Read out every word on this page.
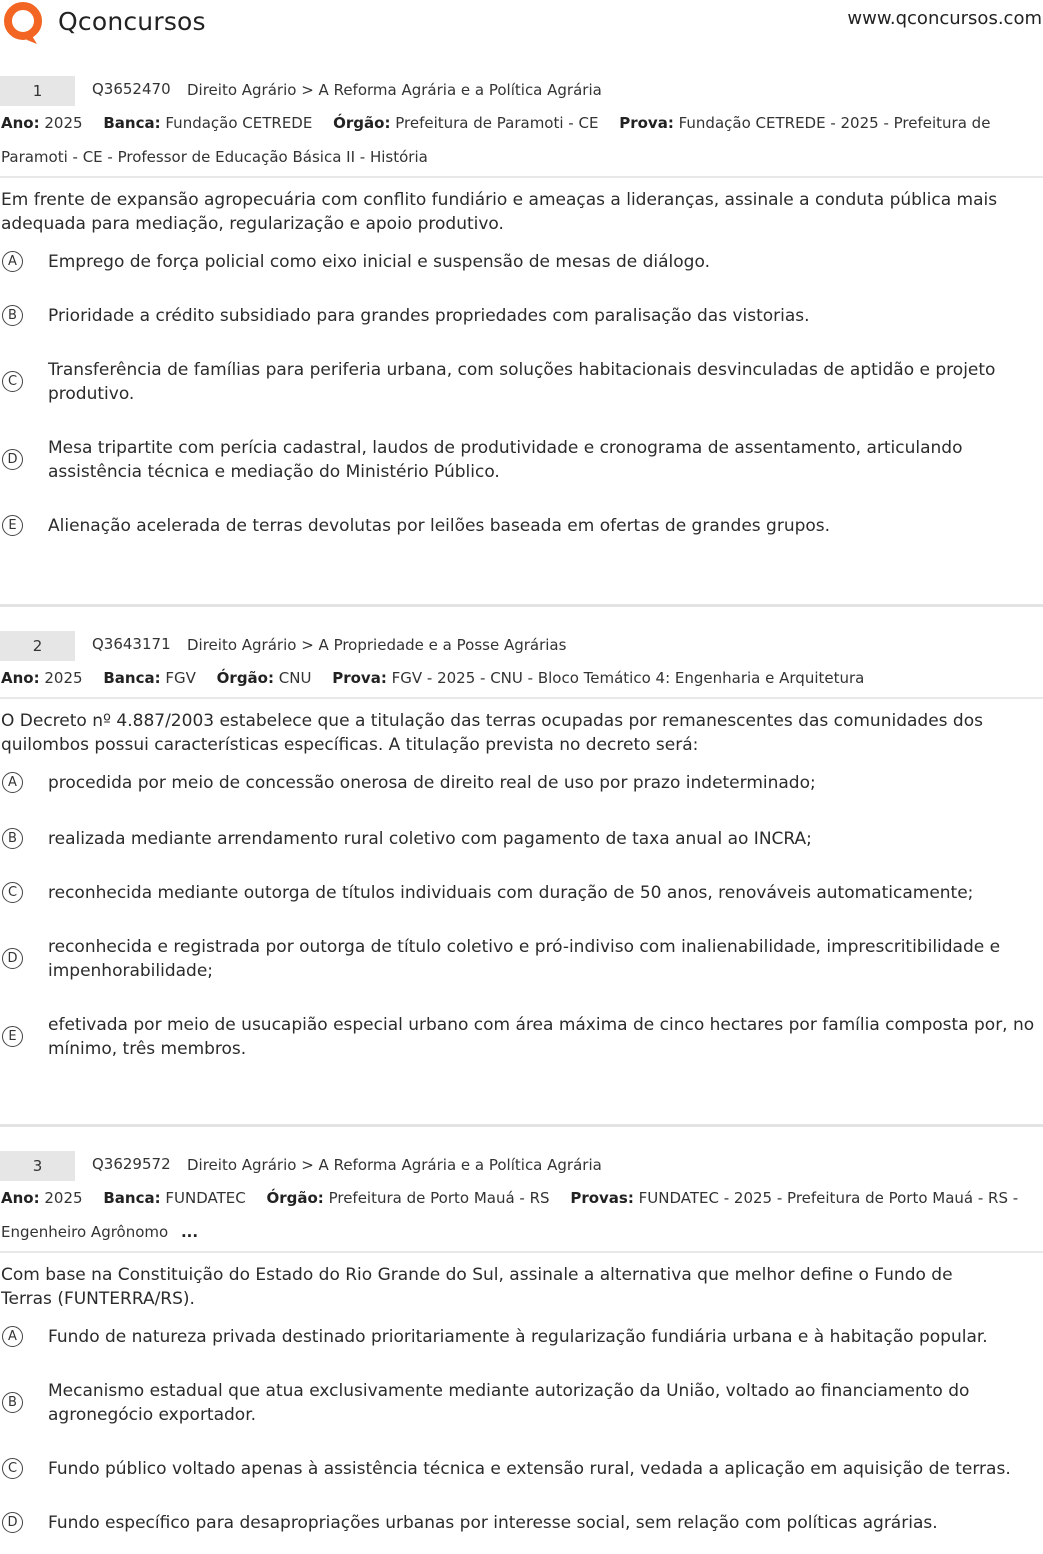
Qconcursos	www.qconcursos.com
1	Q3652470 Direito Agrário > A Reforma Agrária e a Política Agrária
Ano: 2025 Banca: Fundação CETREDE Órgão: Prefeitura de Paramoti - CE Prova: Fundação CETREDE - 2025 - Prefeitura de Paramoti - CE - Professor de Educação Básica II - História
Em frente de expansão agropecuária com conflito fundiário e ameaças a lideranças, assinale a conduta pública mais adequada para mediação, regularização e apoio produtivo.
A	Emprego de força policial como eixo inicial e suspensão de mesas de diálogo.
B	Prioridade a crédito subsidiado para grandes propriedades com paralisação das vistorias.
C
Transferência de famílias para periferia urbana, com soluções habitacionais desvinculadas de aptidão e projeto produtivo.
D
Mesa tripartite com perícia cadastral, laudos de produtividade e cronograma de assentamento, articulando assistência técnica e mediação do Ministério Público.
E	Alienação acelerada de terras devolutas por leilões baseada em ofertas de grandes grupos.
2	Q3643171 Direito Agrário > A Propriedade e a Posse Agrárias
Ano: 2025 Banca: FGV Órgão: CNU Prova: FGV - 2025 - CNU - Bloco Temático 4: Engenharia e Arquitetura
O Decreto nº 4.887/2003 estabelece que a titulação das terras ocupadas por remanescentes das comunidades dos quilombos possui características específicas. A titulação prevista no decreto será:
A	procedida por meio de concessão onerosa de direito real de uso por prazo indeterminado;
B	realizada mediante arrendamento rural coletivo com pagamento de taxa anual ao INCRA;
C	reconhecida mediante outorga de títulos individuais com duração de 50 anos, renováveis automaticamente;
D
reconhecida e registrada por outorga de título coletivo e pró-indiviso com inalienabilidade, imprescritibilidade e impenhorabilidade;
E
efetivada por meio de usucapião especial urbano com área máxima de cinco hectares por família composta por, no mínimo, três membros.
3	Q3629572 Direito Agrário > A Reforma Agrária e a Política Agrária
Ano: 2025 Banca: FUNDATEC Órgão: Prefeitura de Porto Mauá - RS Provas: FUNDATEC - 2025 - Prefeitura de Porto Mauá - RS - Engenheiro Agrônomo ...
Com base na Constituição do Estado do Rio Grande do Sul, assinale a alternativa que melhor define o Fundo de Terras (FUNTERRA/RS).
A	Fundo de natureza privada destinado prioritariamente à regularização fundiária urbana e à habitação popular.
B
Mecanismo estadual que atua exclusivamente mediante autorização da União, voltado ao financiamento do agronegócio exportador.
C	Fundo público voltado apenas à assistência técnica e extensão rural, vedada a aplicação em aquisição de terras.
D	Fundo específico para desapropriações urbanas por interesse social, sem relação com políticas agrárias.
